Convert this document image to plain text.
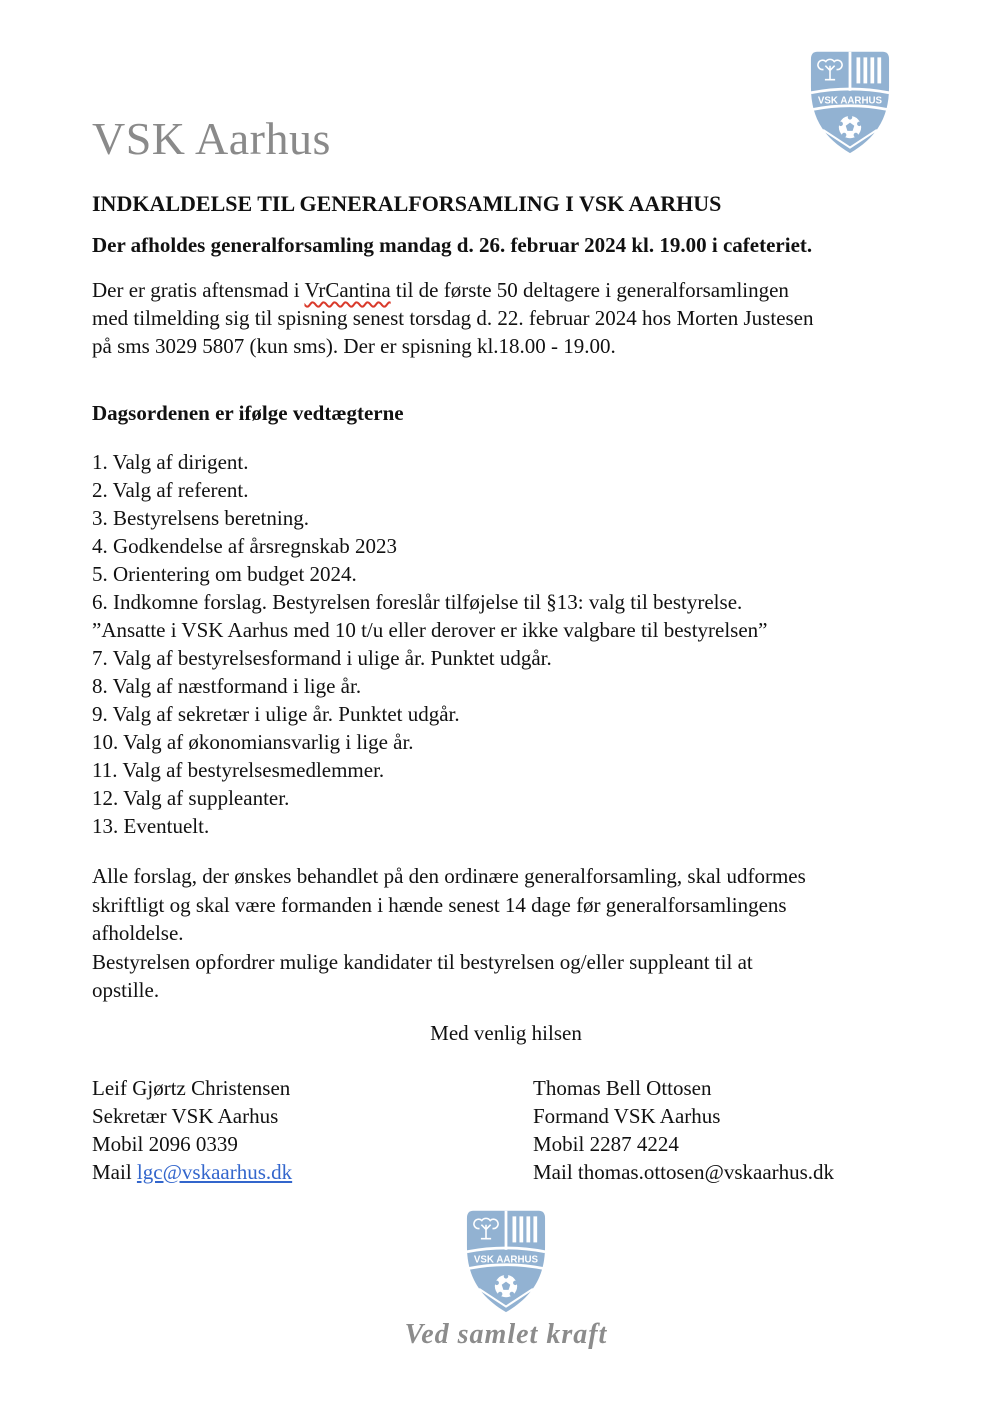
VSK Aarhus
INDKALDELSE TIL GENERALFORSAMLING I VSK AARHUS
Der afholdes generalforsamling mandag d. 26. februar 2024 kl. 19.00 i cafeteriet.
Der er gratis aftensmad i VrCantina til de første 50 deltagere i generalforsamlingen
med tilmelding sig til spisning senest torsdag d. 22. februar 2024 hos Morten Justesen
på sms 3029 5807 (kun sms). Der er spisning kl.18.00 - 19.00.
Dagsordenen er ifølge vedtægterne
1. Valg af dirigent.
2. Valg af referent.
3. Bestyrelsens beretning.
4. Godkendelse af årsregnskab 2023
5. Orientering om budget 2024.
6. Indkomne forslag. Bestyrelsen foreslår tilføjelse til §13: valg til bestyrelse.
”Ansatte i VSK Aarhus med 10 t/u eller derover er ikke valgbare til bestyrelsen”
7. Valg af bestyrelsesformand i ulige år. Punktet udgår.
8. Valg af næstformand i lige år.
9. Valg af sekretær i ulige år. Punktet udgår.
10. Valg af økonomiansvarlig i lige år.
11. Valg af bestyrelsesmedlemmer.
12. Valg af suppleanter.
13. Eventuelt.
Alle forslag, der ønskes behandlet på den ordinære generalforsamling, skal udformes
skriftligt og skal være formanden i hænde senest 14 dage før generalforsamlingens
afholdelse.
Bestyrelsen opfordrer mulige kandidater til bestyrelsen og/eller suppleant til at
opstille.
Med venlig hilsen
Leif Gjørtz Christensen
Sekretær VSK Aarhus
Mobil 2096 0339
Mail lgc@vskaarhus.dk
Thomas Bell Ottosen
Formand VSK Aarhus
Mobil 2287 4224
Mail thomas.ottosen@vskaarhus.dk
Ved samlet kraft
